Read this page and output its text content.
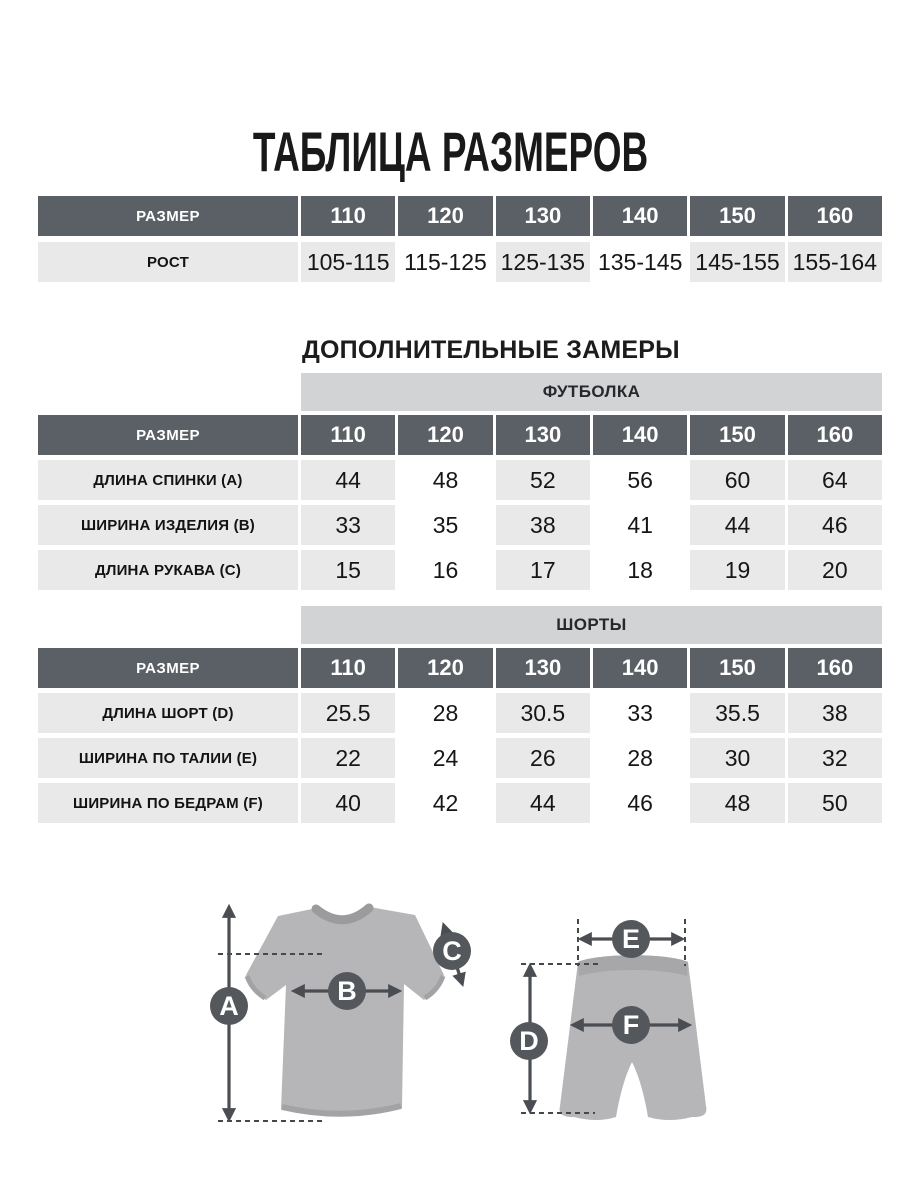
ТАБЛИЦА РАЗМЕРОВ
РАЗМЕР	110	120	130	140	150	160
РОСТ	105-115 115-125 125-135 135-145 145-155 155-164
ДОПОЛНИТЕЛЬНЫЕ ЗАМЕРЫ
ФУТБОЛКА
РАЗМЕР	110	120	130	140	150	160
ДЛИНА СПИНКИ (А)	44	48	52	56	60	64
ШИРИНА ИЗДЕЛИЯ (В)	33	35	38	41	44	46
ДЛИНА РУКАВА (С)	15	16	17	18	19	20
ШОРТЫ
РАЗМЕР	110	120	130	140	150	160
ДЛИНА ШОРТ (D)	25.5	28	30.5	33	35.5	38
ШИРИНА ПО ТАЛИИ (Е)	22	24	26	28	30	32
ШИРИНА ПО БЕДРАМ (F)	40	42	44	46	48	50
A	B
C	E
D
F
